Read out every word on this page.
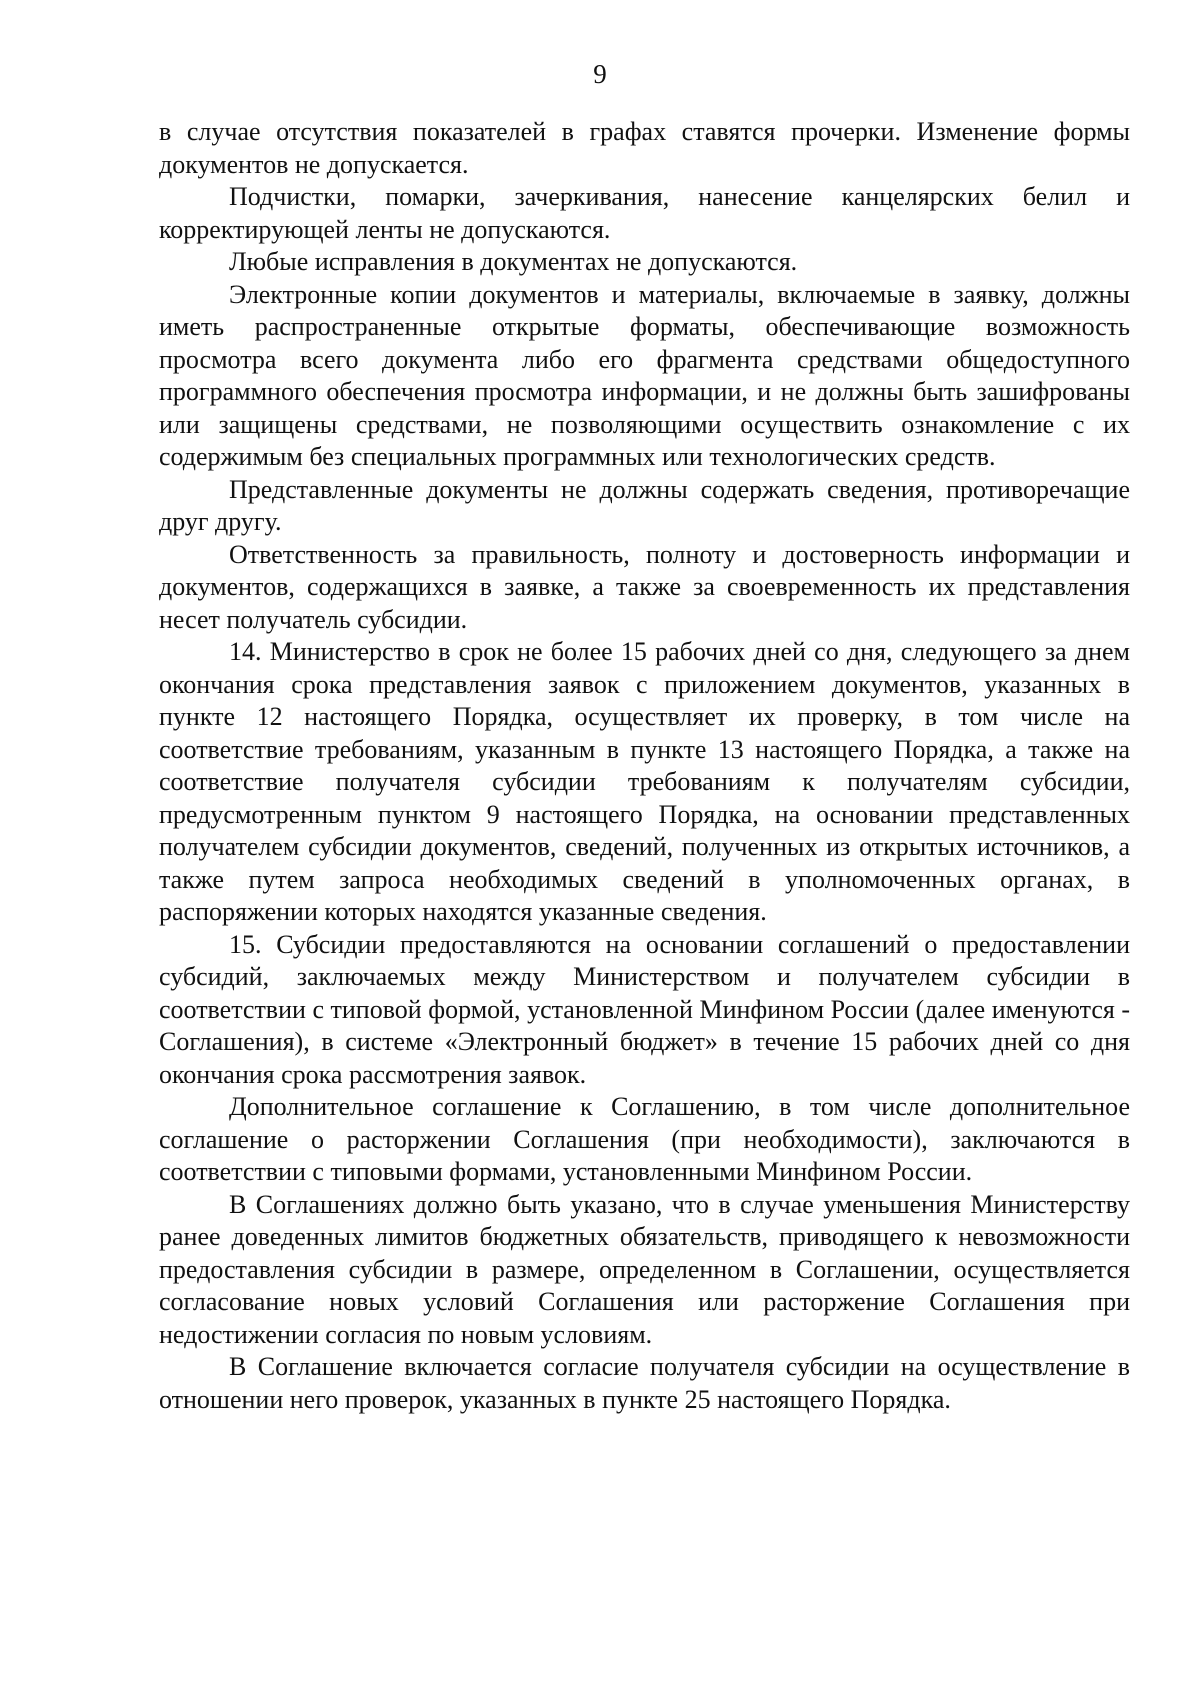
9

в случае отсутствия показателей в графах ставятся прочерки. Изменение формы документов не допускается.

Подчистки, помарки, зачеркивания, нанесение канцелярских белил и корректирующей ленты не допускаются.

Любые исправления в документах не допускаются.

Электронные копии документов и материалы, включаемые в заявку, должны иметь распространенные открытые форматы, обеспечивающие возможность просмотра всего документа либо его фрагмента средствами общедоступного программного обеспечения просмотра информации, и не должны быть зашифрованы или защищены средствами, не позволяющими осуществить ознакомление с их содержимым без специальных программных или технологических средств.

Представленные документы не должны содержать сведения, противоречащие друг другу.

Ответственность за правильность, полноту и достоверность информации и документов, содержащихся в заявке, а также за своевременность их представления несет получатель субсидии.

14. Министерство в срок не более 15 рабочих дней со дня, следующего за днем окончания срока представления заявок с приложением документов, указанных в пункте 12 настоящего Порядка, осуществляет их проверку, в том числе на соответствие требованиям, указанным в пункте 13 настоящего Порядка, а также на соответствие получателя субсидии требованиям к получателям субсидии, предусмотренным пунктом 9 настоящего Порядка, на основании представленных получателем субсидии документов, сведений, полученных из открытых источников, а также путем запроса необходимых сведений в уполномоченных органах, в распоряжении которых находятся указанные сведения.

15. Субсидии предоставляются на основании соглашений о предоставлении субсидий, заключаемых между Министерством и получателем субсидии в соответствии с типовой формой, установленной Минфином России (далее именуются - Соглашения), в системе «Электронный бюджет» в течение 15 рабочих дней со дня окончания срока рассмотрения заявок.

Дополнительное соглашение к Соглашению, в том числе дополнительное соглашение о расторжении Соглашения (при необходимости), заключаются в соответствии с типовыми формами, установленными Минфином России.

В Соглашениях должно быть указано, что в случае уменьшения Министерству ранее доведенных лимитов бюджетных обязательств, приводящего к невозможности предоставления субсидии в размере, определенном в Соглашении, осуществляется согласование новых условий Соглашения или расторжение Соглашения при недостижении согласия по новым условиям.

В Соглашение включается согласие получателя субсидии на осуществление в отношении него проверок, указанных в пункте 25 настоящего Порядка.
